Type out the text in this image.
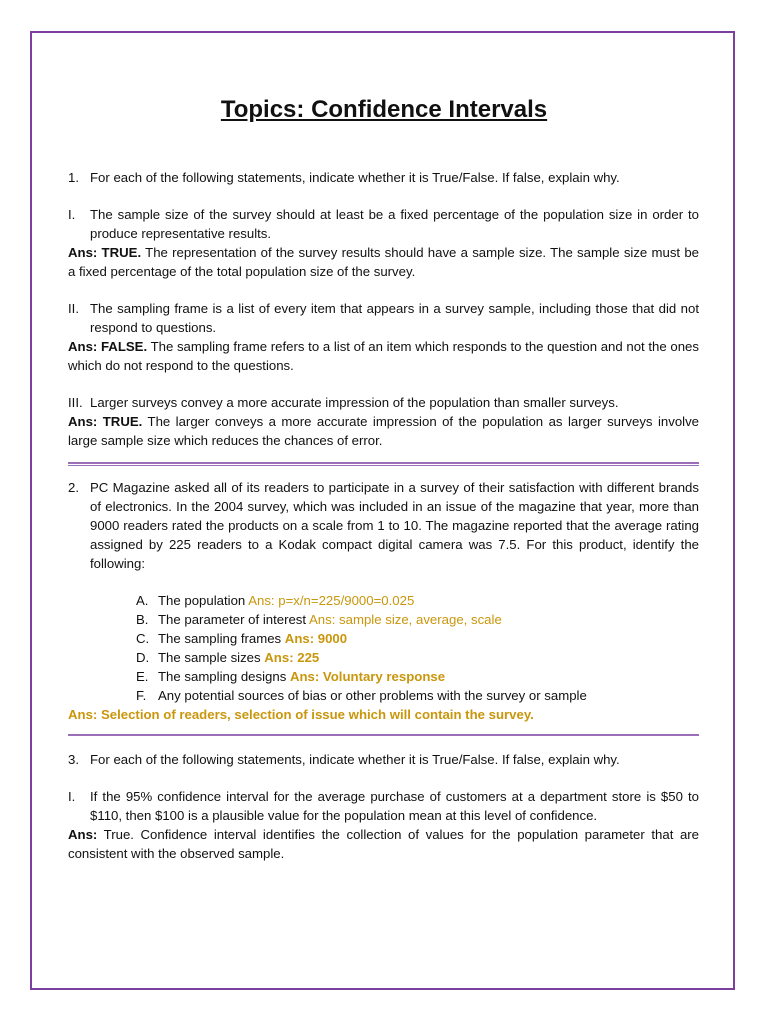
Topics: Confidence Intervals
1. For each of the following statements, indicate whether it is True/False. If false, explain why.
I.	The sample size of the survey should at least be a fixed percentage of the population size in order to produce representative results.

Ans: TRUE. The representation of the survey results should have a sample size. The sample size must be a fixed percentage of the total population size of the survey.

II. The sampling frame is a list of every item that appears in a survey sample, including those that did not respond to questions.

Ans: FALSE. The sampling frame refers to a list of an item which responds to the question and not the ones which do not respond to the questions.

III. Larger surveys convey a more accurate impression of the population than smaller surveys.

Ans: TRUE. The larger conveys a more accurate impression of the population as larger surveys involve large sample size which reduces the chances of error.

2. PC Magazine asked all of its readers to participate in a survey of their satisfaction with different brands of electronics. In the 2004 survey, which was included in an issue of the magazine that year, more than 9000 readers rated the products on a scale from 1 to 10. The magazine reported that the average rating assigned by 225 readers to a Kodak compact digital camera was 7.5. For this product, identify the following:
A. The population Ans: p=x/n=225/9000=0.025
B. The parameter of interest Ans: sample size, average, scale
C. The sampling frames Ans: 9000
D. The sample sizes Ans: 225
E. The sampling designs Ans: Voluntary response
F. Any potential sources of bias or other problems with the survey or sample

Ans: Selection of readers, selection of issue which will contain the survey.

3. For each of the following statements, indicate whether it is True/False. If false, explain why.
I.	If the 95% confidence interval for the average purchase of customers at a department store is $50 to $110, then $100 is a plausible value for the population mean at this level of confidence.

Ans: True. Confidence interval identifies the collection of values for the population parameter that are consistent with the observed sample.
